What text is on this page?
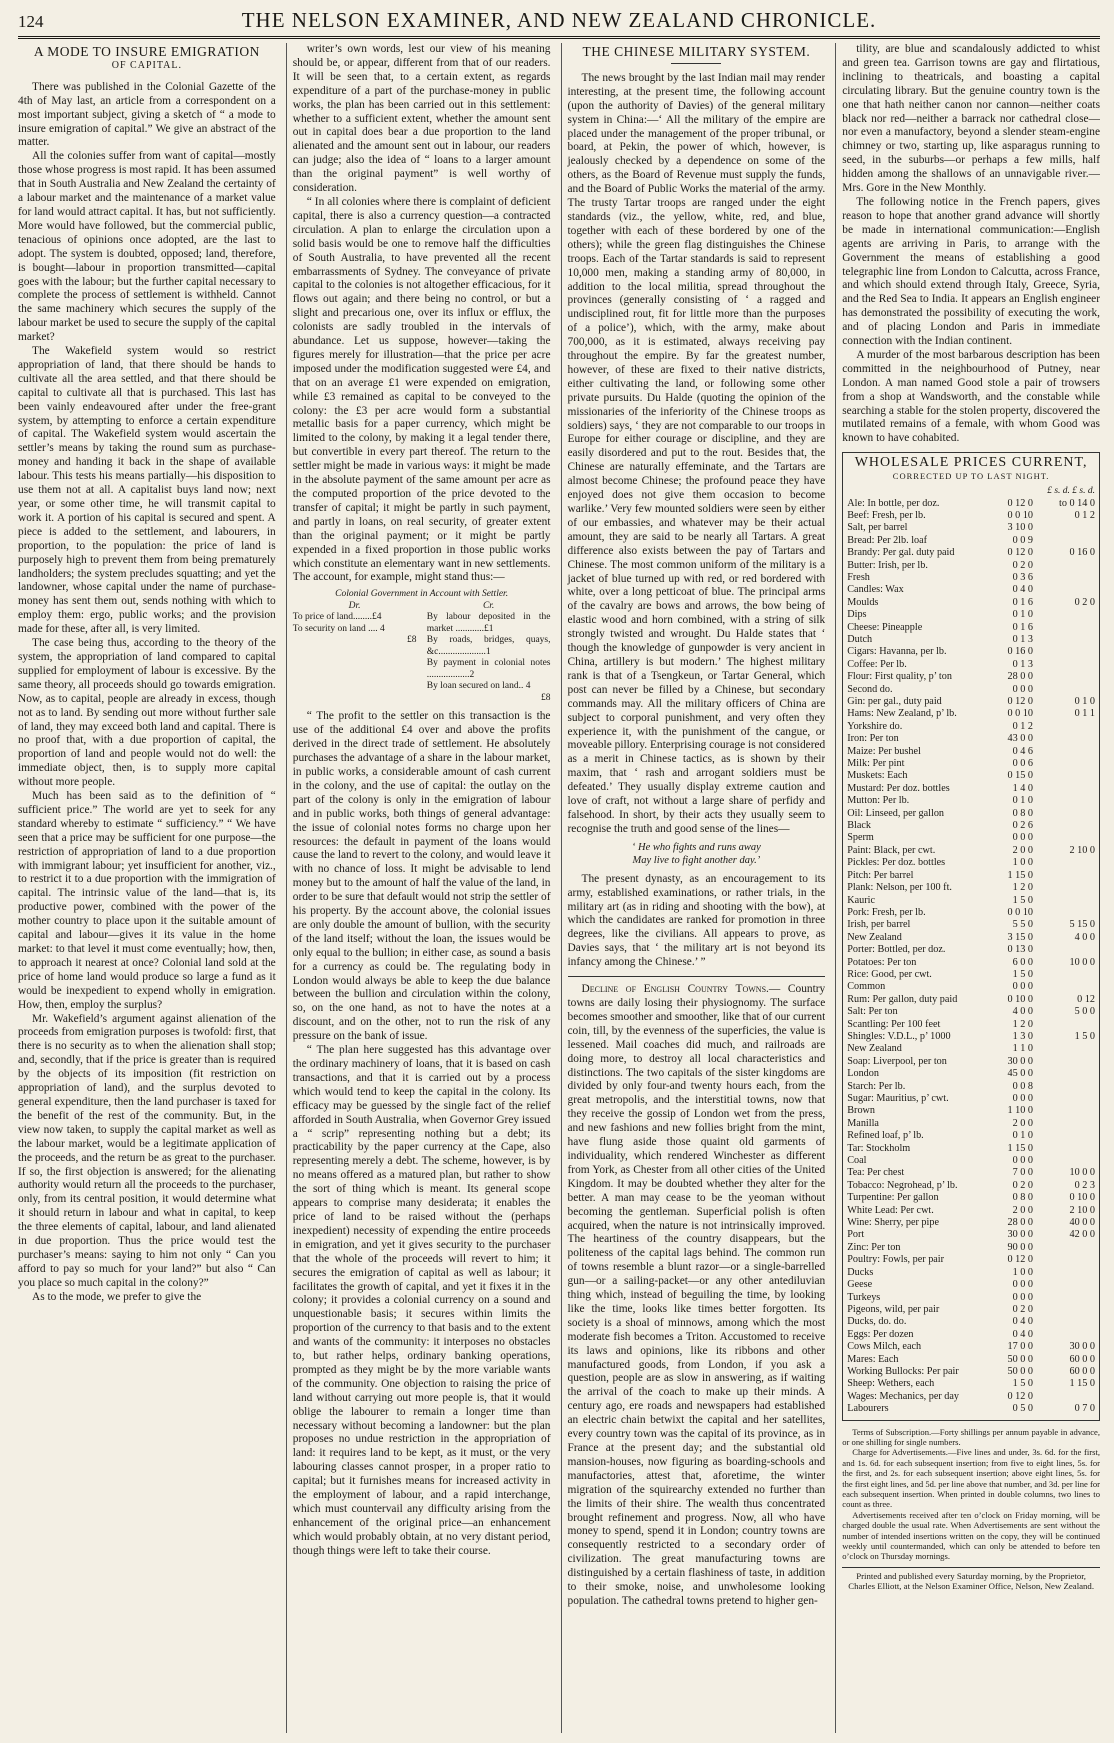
124	THE NELSON EXAMINER, AND NEW ZEALAND CHRONICLE.
A MODE TO INSURE EMIGRATION
OF CAPITAL.

There was published in the Colonial Gazette of the 4th of May last, an article from a correspondent on a most important subject, giving a sketch of “ a mode to insure emigration of capital.” We give an abstract of the matter.

All the colonies suffer from want of capital—mostly those whose progress is most rapid. It has been assumed that in South Australia and New Zealand the certainty of a labour market and the maintenance of a market value for land would attract capital. It has, but not sufficiently. More would have followed, but the commercial public, tenacious of opinions once adopted, are the last to adopt. The system is doubted, opposed; land, therefore, is bought—labour in proportion transmitted—capital goes with the labour; but the further capital necessary to complete the process of settlement is withheld. Cannot the same machinery which secures the supply of the labour market be used to secure the supply of the capital market?

The Wakefield system would so restrict appropriation of land, that there should be hands to cultivate all the area settled, and that there should be capital to cultivate all that is purchased. This last has been vainly endeavoured after under the free-grant system, by attempting to enforce a certain expenditure of capital. The Wakefield system would ascertain the settler’s means by taking the round sum as purchase-money and handing it back in the shape of available labour. This tests his means partially—his disposition to use them not at all. A capitalist buys land now; next year, or some other time, he will transmit capital to work it. A portion of his capital is secured and spent. A piece is added to the settlement, and labourers, in proportion, to the population: the price of land is purposely high to prevent them from being prematurely landholders; the system precludes squatting; and yet the landowner, whose capital under the name of purchase-money has sent them out, sends nothing with which to employ them: ergo, public works; and the provision made for these, after all, is very limited.

The case being thus, according to the theory of the system, the appropriation of land compared to capital supplied for employment of labour is excessive. By the same theory, all proceeds should go towards emigration. Now, as to capital, people are already in excess, though not as to land. By sending out more without further sale of land, they may exceed both land and capital. There is no proof that, with a due proportion of capital, the proportion of land and people would not do well: the immediate object, then, is to supply more capital without more people.

Much has been said as to the definition of “ sufficient price.” The world are yet to seek for any standard whereby to estimate “ sufficiency.” “ We have seen that a price may be sufficient for one purpose—the restriction of appropriation of land to a due proportion with immigrant labour; yet insufficient for another, viz., to restrict it to a due proportion with the immigration of capital. The intrinsic value of the land—that is, its productive power, combined with the power of the mother country to place upon it the suitable amount of capital and labour—gives it its value in the home market: to that level it must come eventually; how, then, to approach it nearest at once? Colonial land sold at the price of home land would produce so large a fund as it would be inexpedient to expend wholly in emigration. How, then, employ the surplus?

Mr. Wakefield’s argument against alienation of the proceeds from emigration purposes is twofold: first, that there is no security as to when the alienation shall stop; and, secondly, that if the price is greater than is required by the objects of its imposition (fit restriction on appropriation of land), and the surplus devoted to general expenditure, then the land purchaser is taxed for the benefit of the rest of the community. But, in the view now taken, to supply the capital market as well as the labour market, would be a legitimate application of the proceeds, and the return be as great to the purchaser. If so, the first objection is answered; for the alienating authority would return all the proceeds to the purchaser, only, from its central position, it would determine what it should return in labour and what in capital, to keep the three elements of capital, labour, and land alienated in due proportion. Thus the price would test the purchaser’s means: saying to him not only “ Can you afford to pay so much for your land?” but also “ Can you place so much capital in the colony?”

As to the mode, we prefer to give the

writer’s own words, lest our view of his meaning should be, or appear, different from that of our readers. It will be seen that, to a certain extent, as regards expenditure of a part of the purchase-money in public works, the plan has been carried out in this settlement: whether to a sufficient extent, whether the amount sent out in capital does bear a due proportion to the land alienated and the amount sent out in labour, our readers can judge; also the idea of “ loans to a larger amount than the original payment” is well worthy of consideration.

“ In all colonies where there is complaint of deficient capital, there is also a currency question—a contracted circulation. A plan to enlarge the circulation upon a solid basis would be one to remove half the difficulties of South Australia, to have prevented all the recent embarrassments of Sydney. The conveyance of private capital to the colonies is not altogether efficacious, for it flows out again; and there being no control, or but a slight and precarious one, over its influx or efflux, the colonists are sadly troubled in the intervals of abundance. Let us suppose, however—taking the figures merely for illustration—that the price per acre imposed under the modification suggested were £4, and that on an average £1 were expended on emigration, while £3 remained as capital to be conveyed to the colony: the £3 per acre would form a substantial metallic basis for a paper currency, which might be limited to the colony, by making it a legal tender there, but convertible in every part thereof. The return to the settler might be made in various ways: it might be made in the absolute payment of the same amount per acre as the computed proportion of the price devoted to the transfer of capital; it might be partly in such payment, and partly in loans, on real security, of greater extent than the original payment; or it might be partly expended in a fixed proportion in those public works which constitute an elementary want in new settlements. The account, for example, might stand thus:—

Colonial Government in Account with Settler.
Dr.
To price of land........£4
To security on land .... 4
£8
Cr.
By labour deposited in the market ............£1
By roads, bridges, quays, &c....................1
By payment in colonial notes ..................2
By loan secured on land.. 4
£8

“ The profit to the settler on this transaction is the use of the additional £4 over and above the profits derived in the direct trade of settlement. He absolutely purchases the advantage of a share in the labour market, in public works, a considerable amount of cash current in the colony, and the use of capital: the outlay on the part of the colony is only in the emigration of labour and in public works, both things of general advantage: the issue of colonial notes forms no charge upon her resources: the default in payment of the loans would cause the land to revert to the colony, and would leave it with no chance of loss. It might be advisable to lend money but to the amount of half the value of the land, in order to be sure that default would not strip the settler of his property. By the account above, the colonial issues are only double the amount of bullion, with the security of the land itself; without the loan, the issues would be only equal to the bullion; in either case, as sound a basis for a currency as could be. The regulating body in London would always be able to keep the due balance between the bullion and circulation within the colony, so, on the one hand, as not to have the notes at a discount, and on the other, not to run the risk of any pressure on the bank of issue.

“ The plan here suggested has this advantage over the ordinary machinery of loans, that it is based on cash transactions, and that it is carried out by a process which would tend to keep the capital in the colony. Its efficacy may be guessed by the single fact of the relief afforded in South Australia, when Governor Grey issued a “ scrip” representing nothing but a debt; its practicability by the paper currency at the Cape, also representing merely a debt. The scheme, however, is by no means offered as a matured plan, but rather to show the sort of thing which is meant. Its general scope appears to comprise many desiderata; it enables the price of land to be raised without the (perhaps inexpedient) necessity of expending the entire proceeds in emigration, and yet it gives security to the purchaser that the whole of the proceeds will revert to him; it secures the emigration of capital as well as labour; it facilitates the growth of capital, and yet it fixes it in the colony; it provides a colonial currency on a sound and unquestionable basis; it secures within limits the proportion of the currency to that basis and to the extent and wants of the community: it interposes no obstacles to, but rather helps, ordinary banking operations, prompted as they might be by the more variable wants of the community. One objection to raising the price of land without carrying out more people is, that it would oblige the labourer to remain a longer time than necessary without becoming a landowner: but the plan proposes no undue restriction in the appropriation of land: it requires land to be kept, as it must, or the very labouring classes cannot prosper, in a proper ratio to capital; but it furnishes means for increased activity in the employment of labour, and a rapid interchange, which must countervail any difficulty arising from the enhancement of the original price—an enhancement which would probably obtain, at no very distant period, though things were left to take their course.

THE CHINESE MILITARY SYSTEM.

The news brought by the last Indian mail may render interesting, at the present time, the following account (upon the authority of Davies) of the general military system in China:—‘ All the military of the empire are placed under the management of the proper tribunal, or board, at Pekin, the power of which, however, is jealously checked by a dependence on some of the others, as the Board of Revenue must supply the funds, and the Board of Public Works the material of the army. The trusty Tartar troops are ranged under the eight standards (viz., the yellow, white, red, and blue, together with each of these bordered by one of the others); while the green flag distinguishes the Chinese troops. Each of the Tartar standards is said to represent 10,000 men, making a standing army of 80,000, in addition to the local militia, spread throughout the provinces (generally consisting of ‘ a ragged and undisciplined rout, fit for little more than the purposes of a police’), which, with the army, make about 700,000, as it is estimated, always receiving pay throughout the empire. By far the greatest number, however, of these are fixed to their native districts, either cultivating the land, or following some other private pursuits. Du Halde (quoting the opinion of the missionaries of the inferiority of the Chinese troops as soldiers) says, ‘ they are not comparable to our troops in Europe for either courage or discipline, and they are easily disordered and put to the rout. Besides that, the Chinese are naturally effeminate, and the Tartars are almost become Chinese; the profound peace they have enjoyed does not give them occasion to become warlike.’ Very few mounted soldiers were seen by either of our embassies, and whatever may be their actual amount, they are said to be nearly all Tartars. A great difference also exists between the pay of Tartars and Chinese. The most common uniform of the military is a jacket of blue turned up with red, or red bordered with white, over a long petticoat of blue. The principal arms of the cavalry are bows and arrows, the bow being of elastic wood and horn combined, with a string of silk strongly twisted and wrought. Du Halde states that ‘ though the knowledge of gunpowder is very ancient in China, artillery is but modern.’ The highest military rank is that of a Tsengkeun, or Tartar General, which post can never be filled by a Chinese, but secondary commands may. All the military officers of China are subject to corporal punishment, and very often they experience it, with the punishment of the cangue, or moveable pillory. Enterprising courage is not considered as a merit in Chinese tactics, as is shown by their maxim, that ‘ rash and arrogant soldiers must be defeated.’ They usually display extreme caution and love of craft, not without a large share of perfidy and falsehood. In short, by their acts they usually seem to recognise the truth and good sense of the lines—

‘ He who fights and runs away
May live to fight another day.’

The present dynasty, as an encouragement to its army, established examinations, or rather trials, in the military art (as in riding and shooting with the bow), at which the candidates are ranked for promotion in three degrees, like the civilians. All appears to prove, as Davies says, that ‘ the military art is not beyond its infancy among the Chinese.’ ”

Decline of English Country Towns.— Country towns are daily losing their physiognomy. The surface becomes smoother and smoother, like that of our current coin, till, by the evenness of the superficies, the value is lessened. Mail coaches did much, and railroads are doing more, to destroy all local characteristics and distinctions. The two capitals of the sister kingdoms are divided by only four-and twenty hours each, from the great metropolis, and the interstitial towns, now that they receive the gossip of London wet from the press, and new fashions and new follies bright from the mint, have flung aside those quaint old garments of individuality, which rendered Winchester as different from York, as Chester from all other cities of the United Kingdom. It may be doubted whether they alter for the better. A man may cease to be the yeoman without becoming the gentleman. Superficial polish is often acquired, when the nature is not intrinsically improved. The heartiness of the country disappears, but the politeness of the capital lags behind. The common run of towns resemble a blunt razor—or a single-barrelled gun—or a sailing-packet—or any other antediluvian thing which, instead of beguiling the time, by looking like the time, looks like times better forgotten. Its society is a shoal of minnows, among which the most moderate fish becomes a Triton. Accustomed to receive its laws and opinions, like its ribbons and other manufactured goods, from London, if you ask a question, people are as slow in answering, as if waiting the arrival of the coach to make up their minds. A century ago, ere roads and newspapers had established an electric chain betwixt the capital and her satellites, every country town was the capital of its province, as in France at the present day; and the substantial old mansion-houses, now figuring as boarding-schools and manufactories, attest that, aforetime, the winter migration of the squirearchy extended no further than the limits of their shire. The wealth thus concentrated brought refinement and progress. Now, all who have money to spend, spend it in London; country towns are consequently restricted to a secondary order of civilization. The great manufacturing towns are distinguished by a certain flashiness of taste, in addition to their smoke, noise, and unwholesome looking population. The cathedral towns pretend to higher gen-

tility, are blue and scandalously addicted to whist and green tea. Garrison towns are gay and flirtatious, inclining to theatricals, and boasting a capital circulating library. But the genuine country town is the one that hath neither canon nor cannon—neither coats black nor red—neither a barrack nor cathedral close—nor even a manufactory, beyond a slender steam-engine chimney or two, starting up, like asparagus running to seed, in the suburbs—or perhaps a few mills, half hidden among the shallows of an unnavigable river.—Mrs. Gore in the New Monthly.

The following notice in the French papers, gives reason to hope that another grand advance will shortly be made in international communication:—English agents are arriving in Paris, to arrange with the Government the means of establishing a good telegraphic line from London to Calcutta, across France, and which should extend through Italy, Greece, Syria, and the Red Sea to India. It appears an English engineer has demonstrated the possibility of executing the work, and of placing London and Paris in immediate connection with the Indian continent.

A murder of the most barbarous description has been committed in the neighbourhood of Putney, near London. A man named Good stole a pair of trowsers from a shop at Wandsworth, and the constable while searching a stable for the stolen property, discovered the mutilated remains of a female, with whom Good was known to have cohabited.

WHOLESALE PRICES CURRENT,
CORRECTED UP TO LAST NIGHT.
£ s. d. £ s. d.
Ale: In bottle, per doz.	0 12 0	to 0 14 0
Beef: Fresh, per lb.	0 0 10	0 1 2
Salt, per barrel	3 10 0
Bread: Per 2lb. loaf	0 0 9
Brandy: Per gal. duty paid	0 12 0	0 16 0
Butter: Irish, per lb.	0 2 0
Fresh	0 3 6
Candles: Wax	0 4 0
Moulds	0 1 6	0 2 0
Dips	0 1 0
Cheese: Pineapple	0 1 6
Dutch	0 1 3
Cigars: Havanna, per lb.	0 16 0
Coffee: Per lb.	0 1 3
Flour: First quality, p’ ton	28 0 0
Second do.	0 0 0
Gin: per gal., duty paid	0 12 0	0 1 0
Hams: New Zealand, p’ lb.	0 0 10	0 1 1
Yorkshire do.	0 1 2
Iron: Per ton	43 0 0
Maize: Per bushel	0 4 6
Milk: Per pint	0 0 6
Muskets: Each	0 15 0
Mustard: Per doz. bottles	1 4 0
Mutton: Per lb.	0 1 0
Oil: Linseed, per gallon	0 8 0
Black	0 2 6
Sperm	0 0 0
Paint: Black, per cwt.	2 0 0	2 10 0
Pickles: Per doz. bottles	1 0 0
Pitch: Per barrel	1 15 0
Plank: Nelson, per 100 ft.	1 2 0
Kauric	1 5 0
Pork: Fresh, per lb.	0 0 10
Irish, per barrel	5 5 0	5 15 0
New Zealand	3 15 0	4 0 0
Porter: Bottled, per doz.	0 13 0
Potatoes: Per ton	6 0 0	10 0 0
Rice: Good, per cwt.	1 5 0
Common	0 0 0
Rum: Per gallon, duty paid	0 10 0	0 12
Salt: Per ton	4 0 0	5 0 0
Scantling: Per 100 feet	1 2 0
Shingles: V.D.L., p’ 1000	1 3 0	1 5 0
New Zealand	1 1 0
Soap: Liverpool, per ton	30 0 0
London	45 0 0
Starch: Per lb.	0 0 8
Sugar: Mauritius, p’ cwt.	0 0 0
Brown	1 10 0
Manilla	2 0 0
Refined loaf, p’ lb.	0 1 0
Tar: Stockholm	1 15 0
Coal	0 0 0
Tea: Per chest	7 0 0	10 0 0
Tobacco: Negrohead, p’ lb.	0 2 0	0 2 3
Turpentine: Per gallon	0 8 0	0 10 0
White Lead: Per cwt.	2 0 0	2 10 0
Wine: Sherry, per pipe	28 0 0	40 0 0
Port	30 0 0	42 0 0
Zinc: Per ton	90 0 0
Poultry: Fowls, per pair	0 12 0
Ducks	1 0 0
Geese	0 0 0
Turkeys	0 0 0
Pigeons, wild, per pair	0 2 0
Ducks, do. do.	0 4 0
Eggs: Per dozen	0 4 0
Cows Milch, each	17 0 0	30 0 0
Mares: Each	50 0 0	60 0 0
Working Bullocks: Per pair	50 0 0	60 0 0
Sheep: Wethers, each	1 5 0	1 15 0
Wages: Mechanics, per day	0 12 0
Labourers	0 5 0	0 7 0

Terms of Subscription.—Forty shillings per annum payable in advance, or one shilling for single numbers.

Charge for Advertisements.—Five lines and under, 3s. 6d. for the first, and 1s. 6d. for each subsequent insertion; from five to eight lines, 5s. for the first, and 2s. for each subsequent insertion; above eight lines, 5s. for the first eight lines, and 5d. per line above that number, and 3d. per line for each subsequent insertion. When printed in double columns, two lines to count as three.

Advertisements received after ten o’clock on Friday morning, will be charged double the usual rate. When Advertisements are sent without the number of intended insertions written on the copy, they will be continued weekly until countermanded, which can only be attended to before ten o’clock on Thursday mornings.

Printed and published every Saturday morning, by the Proprietor, Charles Elliott, at the Nelson Examiner Office, Nelson, New Zealand.
